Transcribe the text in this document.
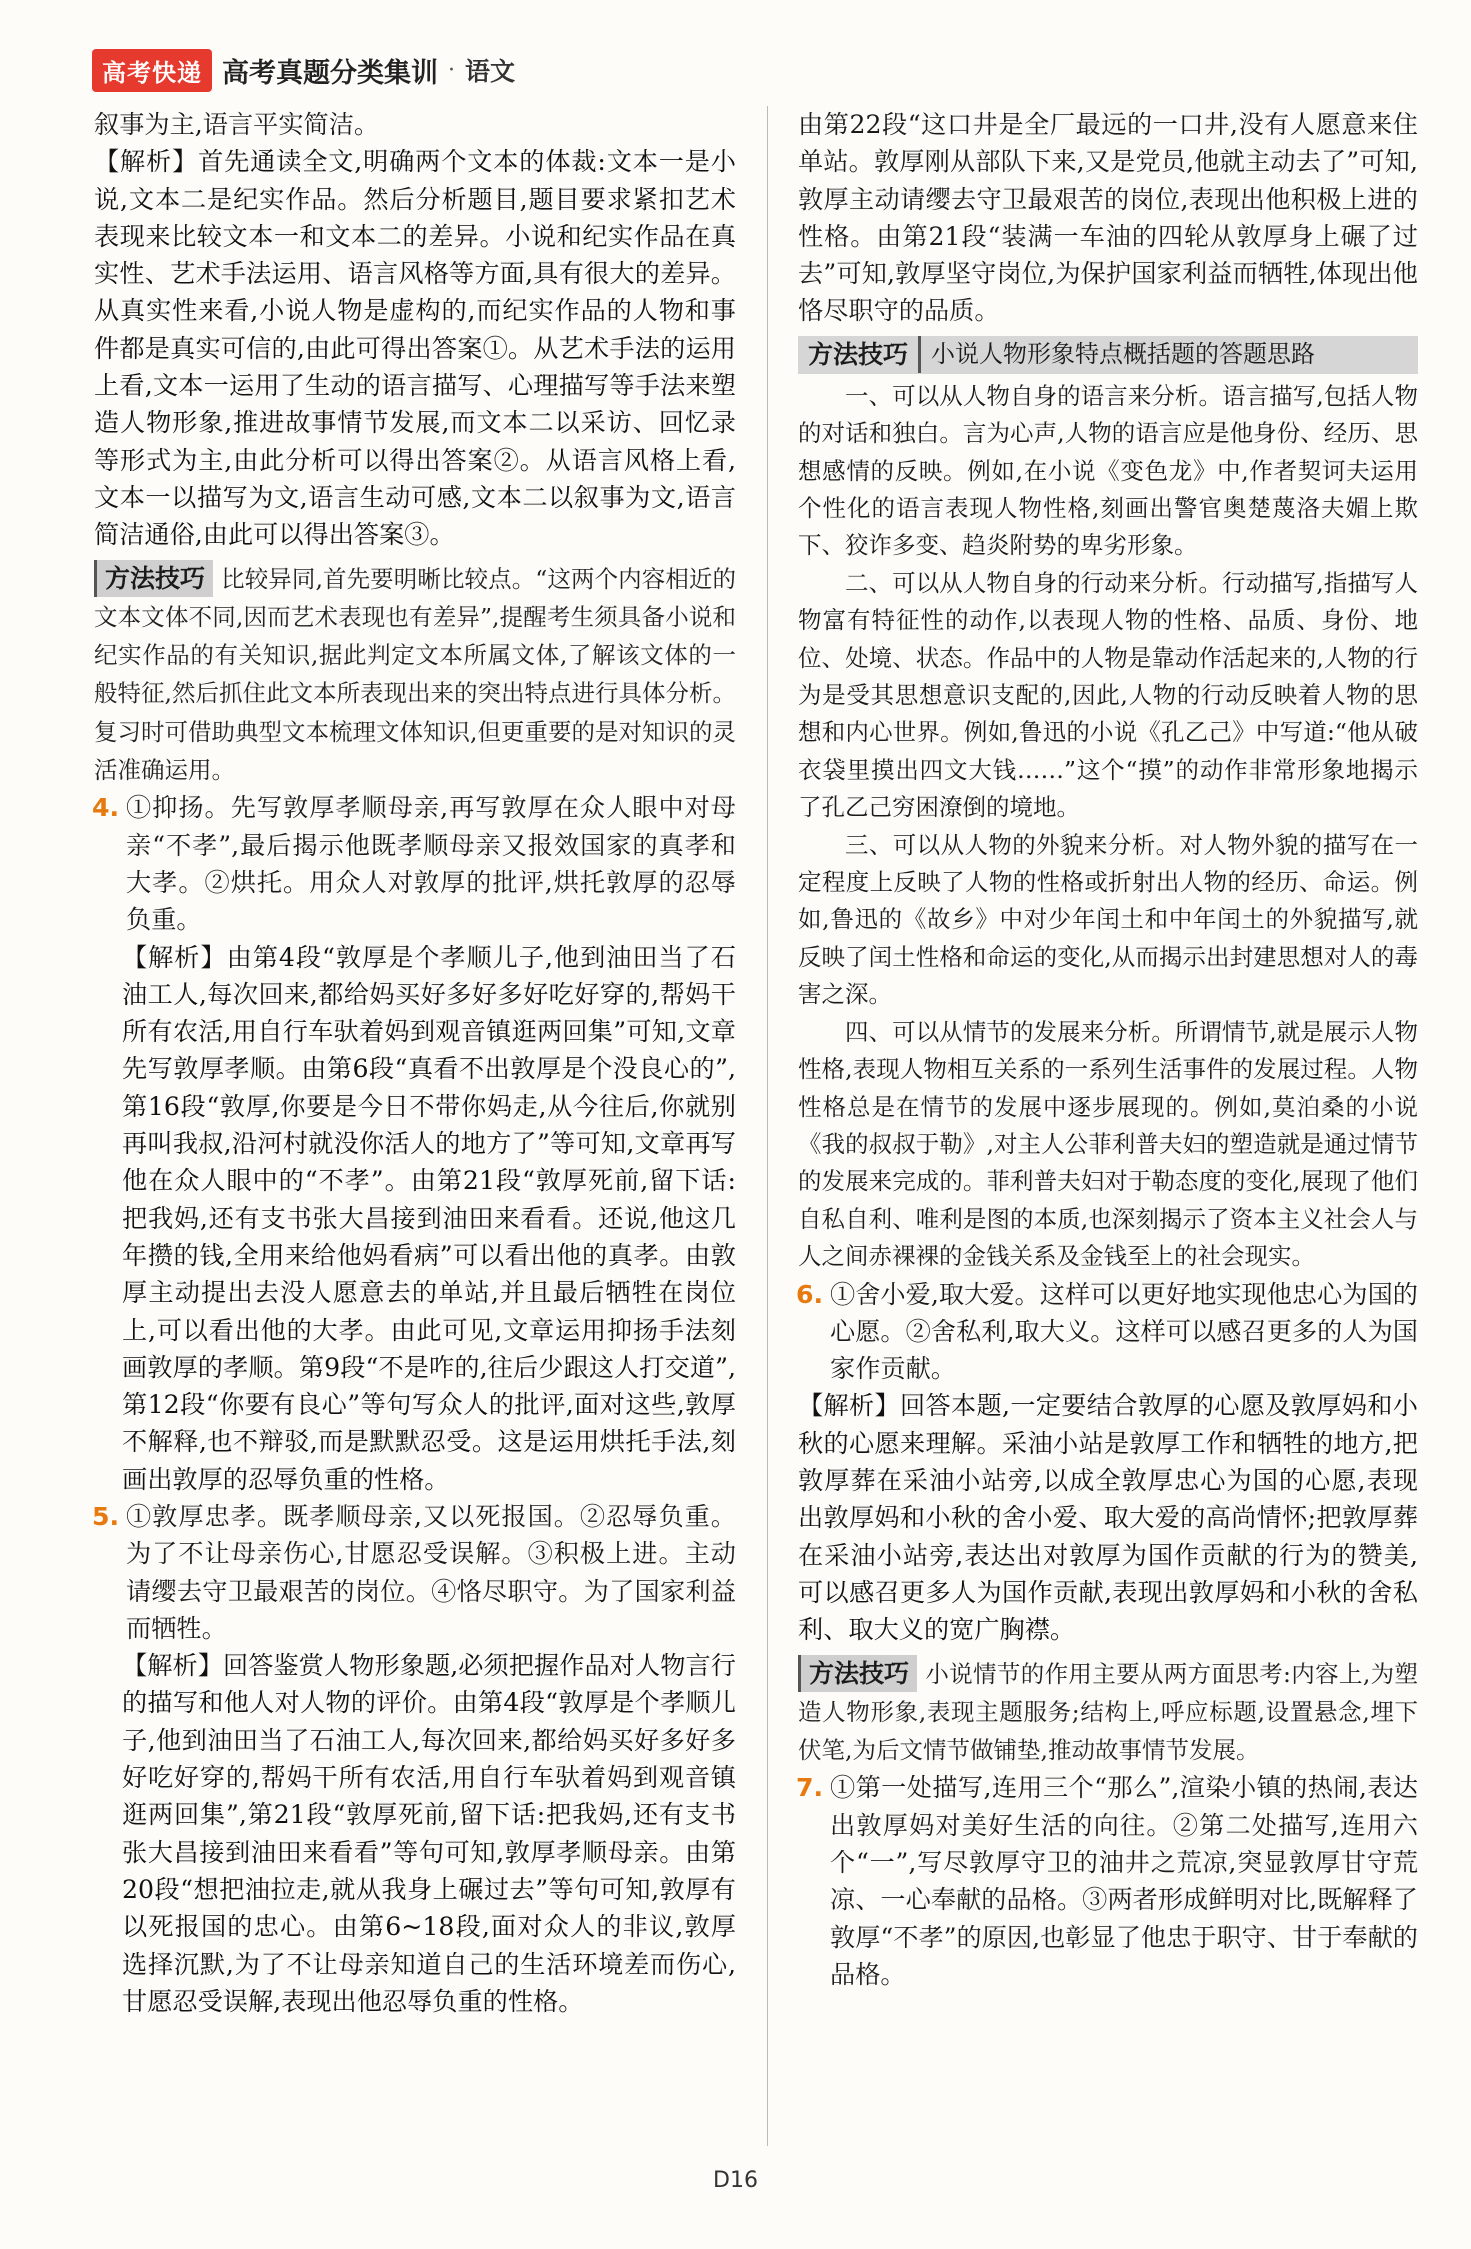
高考快递 高考真题分类集训 · 语文

叙事为主,语言平实简洁。

【解析】首先通读全文,明确两个文本的体裁:文本一是小说,文本二是纪实作品。然后分析题目,题目要求紧扣艺术表现来比较文本一和文本二的差异。小说和纪实作品在真实性、艺术手法运用、语言风格等方面,具有很大的差异。从真实性来看,小说人物是虚构的,而纪实作品的人物和事件都是真实可信的,由此可得出答案①。从艺术手法的运用上看,文本一运用了生动的语言描写、心理描写等手法来塑造人物形象,推进故事情节发展,而文本二以采访、回忆录等形式为主,由此分析可以得出答案②。从语言风格上看,文本一以描写为文,语言生动可感,文本二以叙事为文,语言简洁通俗,由此可以得出答案③。

方法技巧 比较异同,首先要明晰比较点。“这两个内容相近的文本文体不同,因而艺术表现也有差异”,提醒考生须具备小说和纪实作品的有关知识,据此判定文本所属文体,了解该文体的一般特征,然后抓住此文本所表现出来的突出特点进行具体分析。复习时可借助典型文本梳理文体知识,但更重要的是对知识的灵活准确运用。

4. ①抑扬。先写敦厚孝顺母亲,再写敦厚在众人眼中对母亲“不孝”,最后揭示他既孝顺母亲又报效国家的真孝和大孝。②烘托。用众人对敦厚的批评,烘托敦厚的忍辱负重。

【解析】由第4段“敦厚是个孝顺儿子,他到油田当了石油工人,每次回来,都给妈买好多好多好吃好穿的,帮妈干所有农活,用自行车驮着妈到观音镇逛两回集”可知,文章先写敦厚孝顺。由第6段“真看不出敦厚是个没良心的”,第16段“敦厚,你要是今日不带你妈走,从今往后,你就别再叫我叔,沿河村就没你活人的地方了”等可知,文章再写他在众人眼中的“不孝”。由第21段“敦厚死前,留下话:把我妈,还有支书张大昌接到油田来看看。还说,他这几年攒的钱,全用来给他妈看病”可以看出他的真孝。由敦厚主动提出去没人愿意去的单站,并且最后牺牲在岗位上,可以看出他的大孝。由此可见,文章运用抑扬手法刻画敦厚的孝顺。第9段“不是咋的,往后少跟这人打交道”,第12段“你要有良心”等句写众人的批评,面对这些,敦厚不解释,也不辩驳,而是默默忍受。这是运用烘托手法,刻画出敦厚的忍辱负重的性格。

5. ①敦厚忠孝。既孝顺母亲,又以死报国。②忍辱负重。为了不让母亲伤心,甘愿忍受误解。③积极上进。主动请缨去守卫最艰苦的岗位。④恪尽职守。为了国家利益而牺牲。

【解析】回答鉴赏人物形象题,必须把握作品对人物言行的描写和他人对人物的评价。由第4段“敦厚是个孝顺儿子,他到油田当了石油工人,每次回来,都给妈买好多好多好吃好穿的,帮妈干所有农活,用自行车驮着妈到观音镇逛两回集”,第21段“敦厚死前,留下话:把我妈,还有支书张大昌接到油田来看看”等句可知,敦厚孝顺母亲。由第20段“想把油拉走,就从我身上碾过去”等句可知,敦厚有以死报国的忠心。由第6~18段,面对众人的非议,敦厚选择沉默,为了不让母亲知道自己的生活环境差而伤心,甘愿忍受误解,表现出他忍辱负重的性格。

由第22段“这口井是全厂最远的一口井,没有人愿意来住单站。敦厚刚从部队下来,又是党员,他就主动去了”可知,敦厚主动请缨去守卫最艰苦的岗位,表现出他积极上进的性格。由第21段“装满一车油的四轮从敦厚身上碾了过去”可知,敦厚坚守岗位,为保护国家利益而牺牲,体现出他恪尽职守的品质。

方法技巧 小说人物形象特点概括题的答题思路

一、可以从人物自身的语言来分析。语言描写,包括人物的对话和独白。言为心声,人物的语言应是他身份、经历、思想感情的反映。例如,在小说《变色龙》中,作者契诃夫运用个性化的语言表现人物性格,刻画出警官奥楚蔑洛夫媚上欺下、狡诈多变、趋炎附势的卑劣形象。

二、可以从人物自身的行动来分析。行动描写,指描写人物富有特征性的动作,以表现人物的性格、品质、身份、地位、处境、状态。作品中的人物是靠动作活起来的,人物的行为是受其思想意识支配的,因此,人物的行动反映着人物的思想和内心世界。例如,鲁迅的小说《孔乙己》中写道:“他从破衣袋里摸出四文大钱……”这个“摸”的动作非常形象地揭示了孔乙己穷困潦倒的境地。

三、可以从人物的外貌来分析。对人物外貌的描写在一定程度上反映了人物的性格或折射出人物的经历、命运。例如,鲁迅的《故乡》中对少年闰土和中年闰土的外貌描写,就反映了闰土性格和命运的变化,从而揭示出封建思想对人的毒害之深。

四、可以从情节的发展来分析。所谓情节,就是展示人物性格,表现人物相互关系的一系列生活事件的发展过程。人物性格总是在情节的发展中逐步展现的。例如,莫泊桑的小说《我的叔叔于勒》,对主人公菲利普夫妇的塑造就是通过情节的发展来完成的。菲利普夫妇对于勒态度的变化,展现了他们自私自利、唯利是图的本质,也深刻揭示了资本主义社会人与人之间赤裸裸的金钱关系及金钱至上的社会现实。

6. ①舍小爱,取大爱。这样可以更好地实现他忠心为国的心愿。②舍私利,取大义。这样可以感召更多的人为国家作贡献。

【解析】回答本题,一定要结合敦厚的心愿及敦厚妈和小秋的心愿来理解。采油小站是敦厚工作和牺牲的地方,把敦厚葬在采油小站旁,以成全敦厚忠心为国的心愿,表现出敦厚妈和小秋的舍小爱、取大爱的高尚情怀;把敦厚葬在采油小站旁,表达出对敦厚为国作贡献的行为的赞美,可以感召更多人为国作贡献,表现出敦厚妈和小秋的舍私利、取大义的宽广胸襟。

方法技巧 小说情节的作用主要从两方面思考:内容上,为塑造人物形象,表现主题服务;结构上,呼应标题,设置悬念,埋下伏笔,为后文情节做铺垫,推动故事情节发展。

7. ①第一处描写,连用三个“那么”,渲染小镇的热闹,表达出敦厚妈对美好生活的向往。②第二处描写,连用六个“一”,写尽敦厚守卫的油井之荒凉,突显敦厚甘守荒凉、一心奉献的品格。③两者形成鲜明对比,既解释了敦厚“不孝”的原因,也彰显了他忠于职守、甘于奉献的品格。

D16
